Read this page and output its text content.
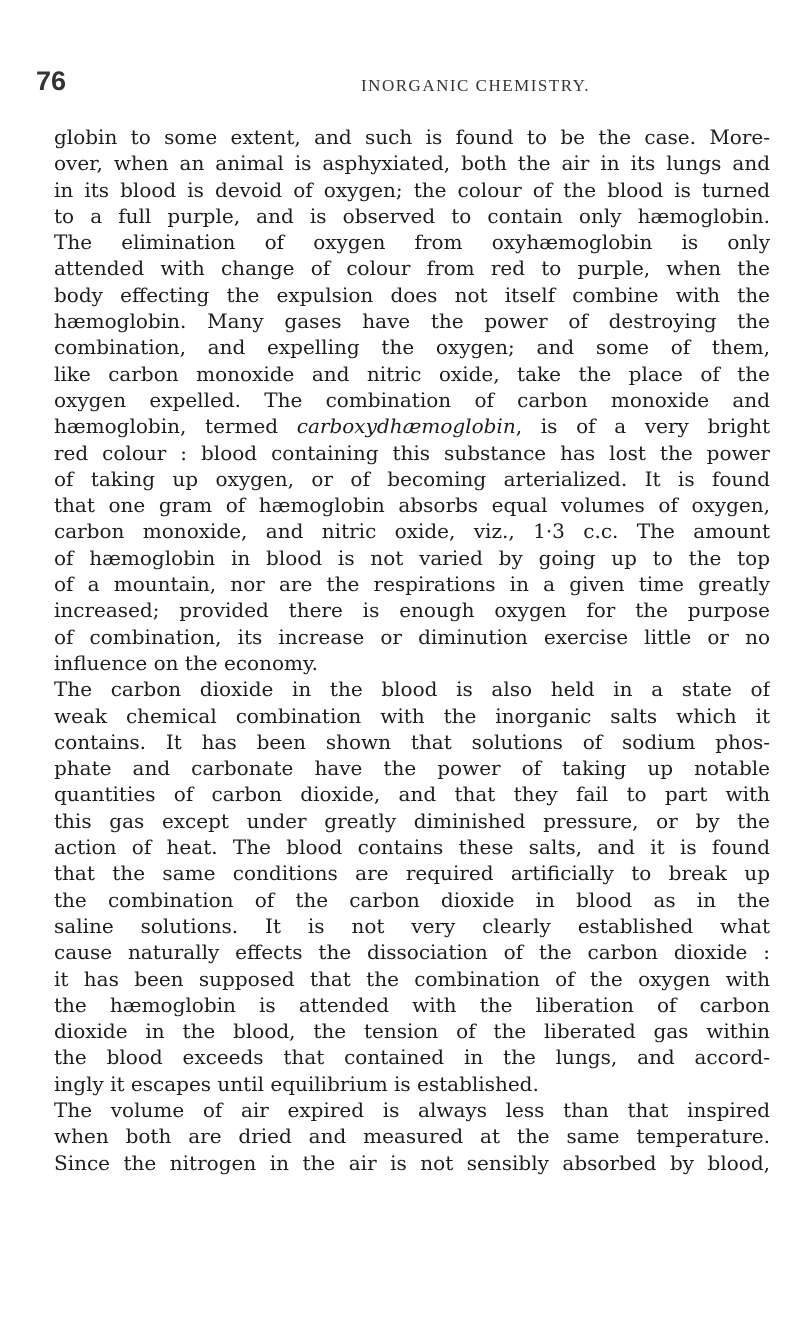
76	INORGANIC CHEMISTRY.
globin to some extent, and such is found to be the case. More-
over, when an animal is asphyxiated, both the air in its lungs and
in its blood is devoid of oxygen; the colour of the blood is turned
to a full purple, and is observed to contain only hæmoglobin.
The elimination of oxygen from oxyhæmoglobin is only
attended with change of colour from red to purple, when the
body effecting the expulsion does not itself combine with the
hæmoglobin. Many gases have the power of destroying the
combination, and expelling the oxygen; and some of them,
like carbon monoxide and nitric oxide, take the place of the
oxygen expelled. The combination of carbon monoxide and
hæmoglobin, termed carboxydhæmoglobin, is of a very bright
red colour : blood containing this substance has lost the power
of taking up oxygen, or of becoming arterialized. It is found
that one gram of hæmoglobin absorbs equal volumes of oxygen,
carbon monoxide, and nitric oxide, viz., 1·3 c.c. The amount
of hæmoglobin in blood is not varied by going up to the top
of a mountain, nor are the respirations in a given time greatly
increased; provided there is enough oxygen for the purpose
of combination, its increase or diminution exercise little or no
influence on the economy.
The carbon dioxide in the blood is also held in a state of
weak chemical combination with the inorganic salts which it
contains. It has been shown that solutions of sodium phos-
phate and carbonate have the power of taking up notable
quantities of carbon dioxide, and that they fail to part with
this gas except under greatly diminished pressure, or by the
action of heat. The blood contains these salts, and it is found
that the same conditions are required artificially to break up
the combination of the carbon dioxide in blood as in the
saline solutions. It is not very clearly established what
cause naturally effects the dissociation of the carbon dioxide :
it has been supposed that the combination of the oxygen with
the hæmoglobin is attended with the liberation of carbon
dioxide in the blood, the tension of the liberated gas within
the blood exceeds that contained in the lungs, and accord-
ingly it escapes until equilibrium is established.
The volume of air expired is always less than that inspired
when both are dried and measured at the same temperature.
Since the nitrogen in the air is not sensibly absorbed by blood,
